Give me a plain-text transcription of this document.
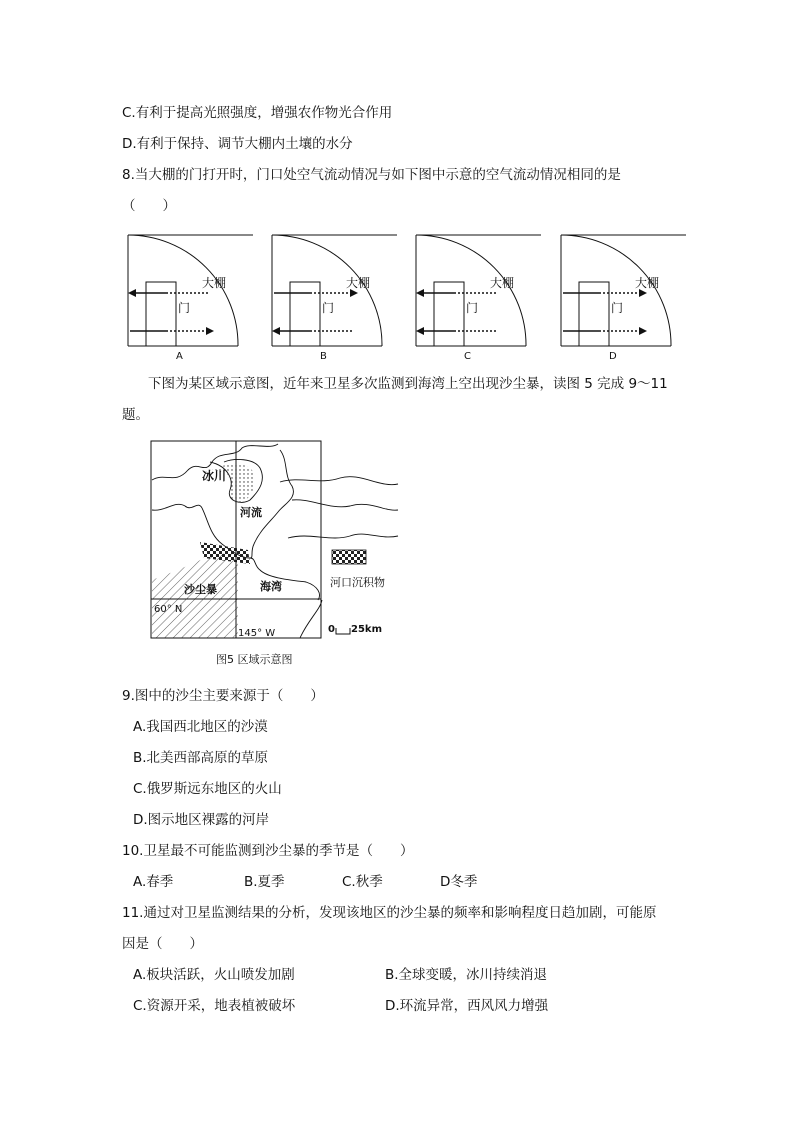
C.有利于提高光照强度，增强农作物光合作用
D.有利于保持、调节大棚内土壤的水分
8.当大棚的门打开时，门口处空气流动情况与如下图中示意的空气流动情况相同的是
（　　）
大棚
门
A
大棚
门
B
大棚
门
C
大棚
门
D
下图为某区域示意图，近年来卫星多次监测到海湾上空出现沙尘暴，读图 5 完成 9～11
题。
冰川
河流
沙尘暴	海湾
60° N
145° W
河口沉积物
0 25km
图5 区域示意图
9.图中的沙尘主要来源于（　　）
A.我国西北地区的沙漠
B.北美西部高原的草原
C.俄罗斯远东地区的火山
D.图示地区裸露的河岸
10.卫星最不可能监测到沙尘暴的季节是（　　）
A.春季	B.夏季	C.秋季	D冬季
11.通过对卫星监测结果的分析，发现该地区的沙尘暴的频率和影响程度日趋加剧，可能原
因是（　　）
A.板块活跃，火山喷发加剧	B.全球变暖，冰川持续消退
C.资源开采，地表植被破坏	D.环流异常，西风风力增强
